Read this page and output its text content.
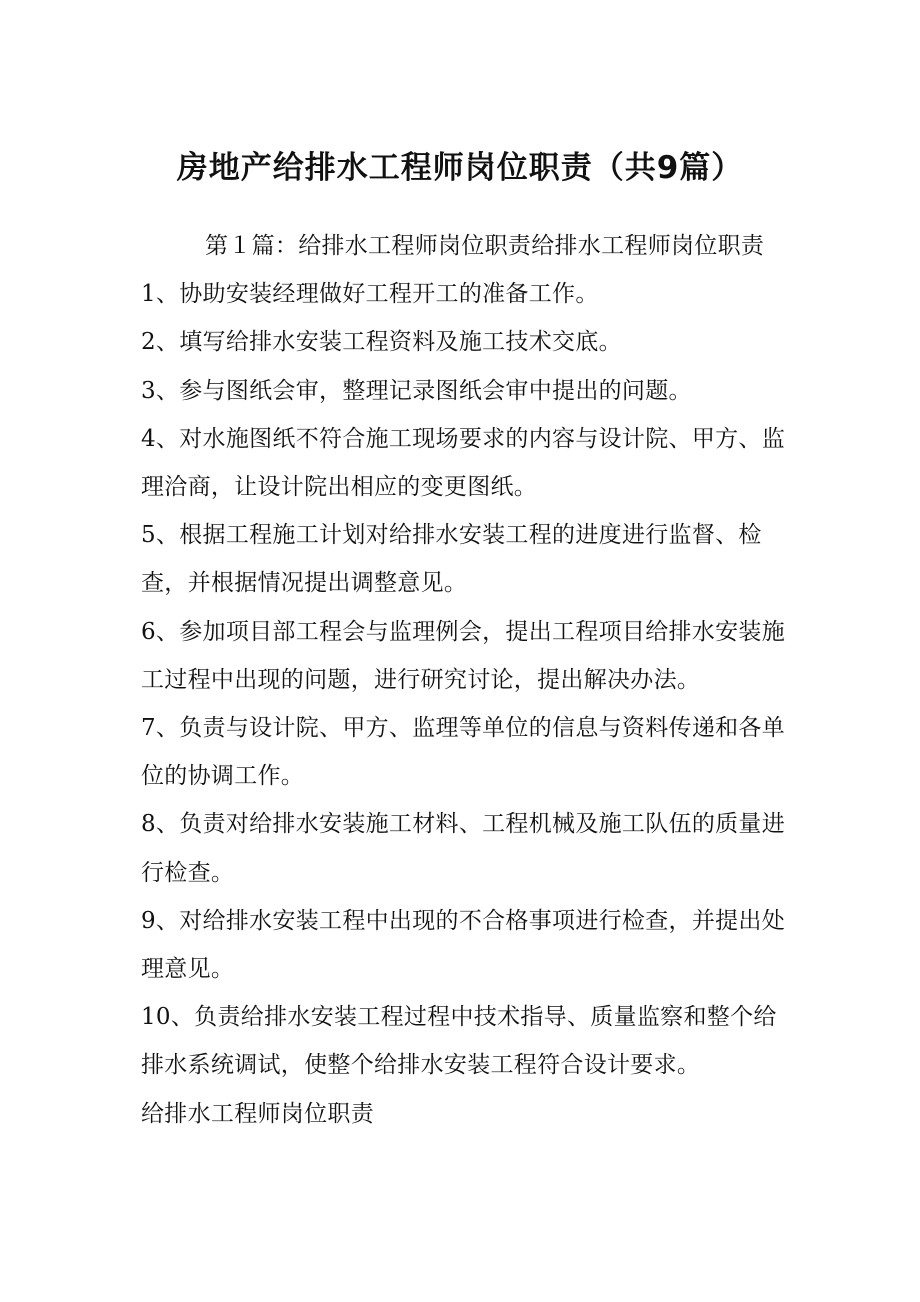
房地产给排水工程师岗位职责（共9篇）

第１篇：给排水工程师岗位职责给排水工程师岗位职责

1、协助安装经理做好工程开工的准备工作。

2、填写给排水安装工程资料及施工技术交底。

3、参与图纸会审，整理记录图纸会审中提出的问题。

4、对水施图纸不符合施工现场要求的内容与设计院、甲方、监理洽商，让设计院出相应的变更图纸。

5、根据工程施工计划对给排水安装工程的进度进行监督、检查，并根据情况提出调整意见。

6、参加项目部工程会与监理例会，提出工程项目给排水安装施工过程中出现的问题，进行研究讨论，提出解决办法。

7、负责与设计院、甲方、监理等单位的信息与资料传递和各单位的协调工作。

8、负责对给排水安装施工材料、工程机械及施工队伍的质量进行检查。

9、对给排水安装工程中出现的不合格事项进行检查，并提出处理意见。

10、负责给排水安装工程过程中技术指导、质量监察和整个给排水系统调试，使整个给排水安装工程符合设计要求。

给排水工程师岗位职责
